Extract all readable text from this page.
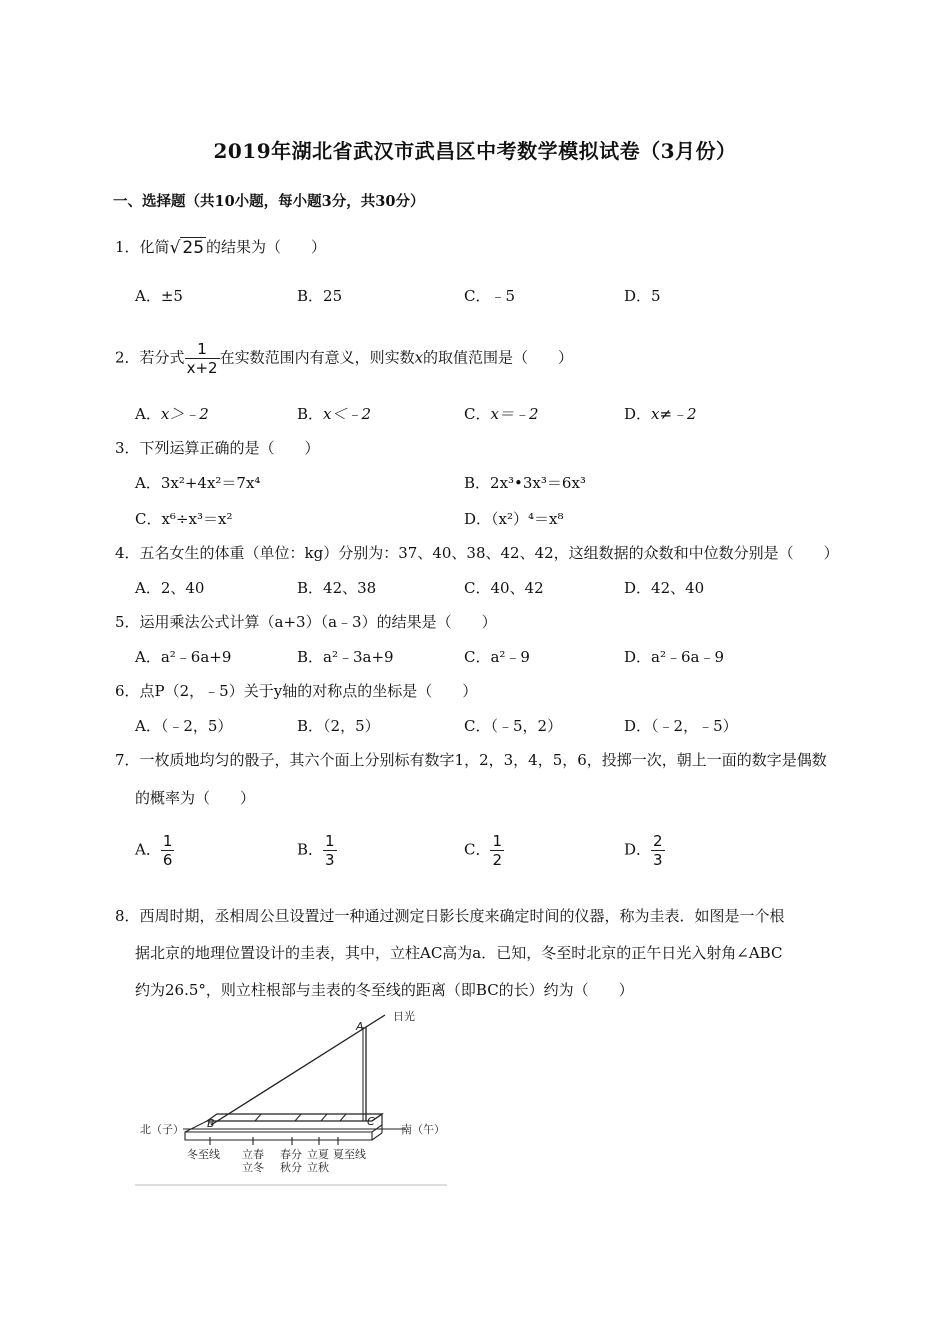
2019年湖北省武汉市武昌区中考数学模拟试卷（3月份）
一、选择题（共10小题，每小题3分，共30分）
1．化简√ 25 的结果为（　　）
A．±5	B．25	C．﹣5	D．5
2．若分式 $\frac{1}{x+2}$ 在实数范围内有意义，则实数x的取值范围是（　　）
A．x＞﹣2	B．x＜﹣2	C．x＝﹣2	D．x≠﹣2
3．下列运算正确的是（　　）
A．3x²+4x²＝7x⁴	B．2x³•3x³＝6x³
C．x⁶÷x³＝x²	D．（x²）⁴＝x⁸
4．五名女生的体重（单位：kg）分别为：37、40、38、42、42，这组数据的众数和中位数分别是（　　）
A．2、40	B．42、38	C．40、42	D．42、40
5．运用乘法公式计算（a+3）（a﹣3）的结果是（　　）
A．a²﹣6a+9	B．a²﹣3a+9	C．a²﹣9	D．a²﹣6a﹣9
6．点P（2，﹣5）关于y轴的对称点的坐标是（　　）
A．（﹣2，5）	B．（2，5）	C．（﹣5，2）	D．（﹣2，﹣5）
7．一枚质地均匀的骰子，其六个面上分别标有数字1，2，3，4，5，6，投掷一次，朝上一面的数字是偶数
的概率为（　　）
A． $\frac{1}{6}$	B． $\frac{1}{3}$	C． $\frac{1}{2}$	D． $\frac{2}{3}$
8．西周时期，丞相周公旦设置过一种通过测定日影长度来确定时间的仪器，称为圭表．如图是一个根
据北京的地理位置设计的圭表，其中，立柱AC高为a．已知，冬至时北京的正午日光入射角∠ABC
约为26.5°，则立柱根部与圭表的冬至线的距离（即BC的长）约为（　　）
A
日光
B	C
北（子）	南（午）
冬至线 立春
立冬
春分
秋分
立夏
立秋
夏至线
